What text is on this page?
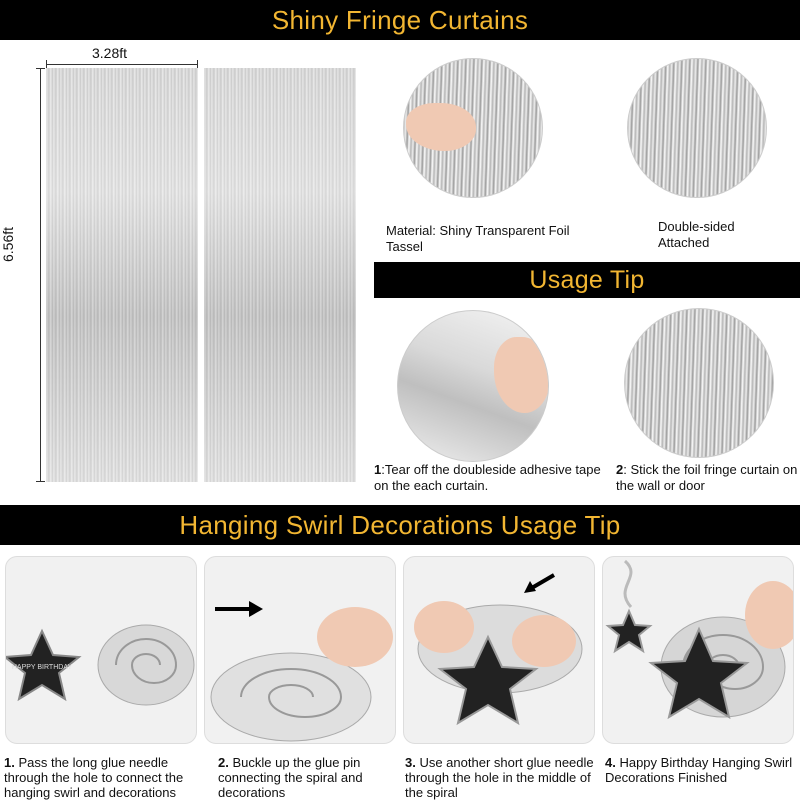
Shiny Fringe Curtains
Usage Tip
Hanging Swirl Decorations Usage Tip
3.28ft
6.56ft	Material: Shiny Transparent Foil Tassel
Double-sided Attached
1:Tear off the doubleside adhesive tape on the each curtain.
2: Stick the foil fringe curtain on the wall or door
HAPPY BIRTHDAY
1. Pass the long glue needle through the hole to connect the hanging swirl and decorations
2. Buckle up the glue pin connecting the spiral and decorations
3. Use another short glue needle through the hole in the middle of the spiral
4. Happy Birthday Hanging Swirl Decorations Finished
